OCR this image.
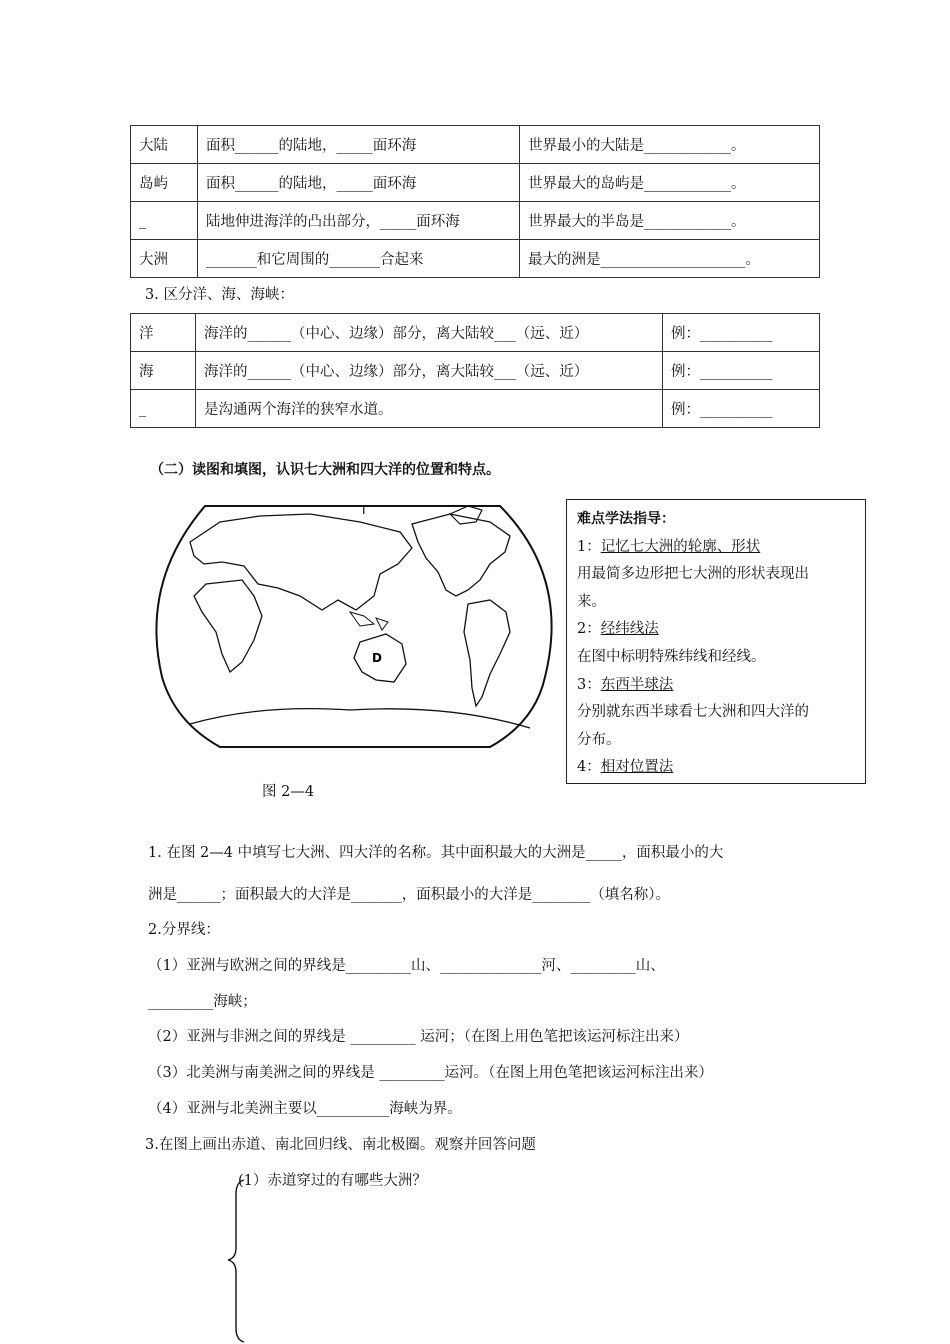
大陆	面积______的陆地，_____面环海	世界最小的大陆是____________。
岛屿	面积______的陆地，_____面环海	世界最大的岛屿是____________。
_	陆地伸进海洋的凸出部分，_____面环海	世界最大的半岛是____________。
大洲	_______和它周围的_______合起来	最大的洲是____________________。
3. 区分洋、海、海峡：
洋	海洋的______（中心、边缘）部分，离大陆较___（远、近）	例：__________
海	海洋的______（中心、边缘）部分，离大陆较___（远、近）	例：__________
_	是沟通两个海洋的狭窄水道。	例：__________
（二）读图和填图，认识七大洲和四大洋的位置和特点。
I
D
图 2—4
难点学法指导：
1：记忆七大洲的轮廓、形状
用最简多边形把七大洲的形状表现出
来。
2：经纬线法
在图中标明特殊纬线和经线。
3：东西半球法
分别就东西半球看七大洲和四大洋的
分布。
4：相对位置法
1. 在图 2—4 中填写七大洲、四大洋的名称。其中面积最大的大洲是_____，面积最小的大
洲是______；面积最大的大洋是_______，面积最小的大洋是________（填名称）。
2.分界线：
（1）亚洲与欧洲之间的界线是_________山、______________河、_________山、
_________海峡；
（2）亚洲与非洲之间的界线是 _________ 运河；（在图上用色笔把该运河标注出来）
（3）北美洲与南美洲之间的界线是 _________运河。（在图上用色笔把该运河标注出来）
（4）亚洲与北美洲主要以__________海峡为界。
3.在图上画出赤道、南北回归线、南北极圈。观察并回答问题
(1）赤道穿过的有哪些大洲？
